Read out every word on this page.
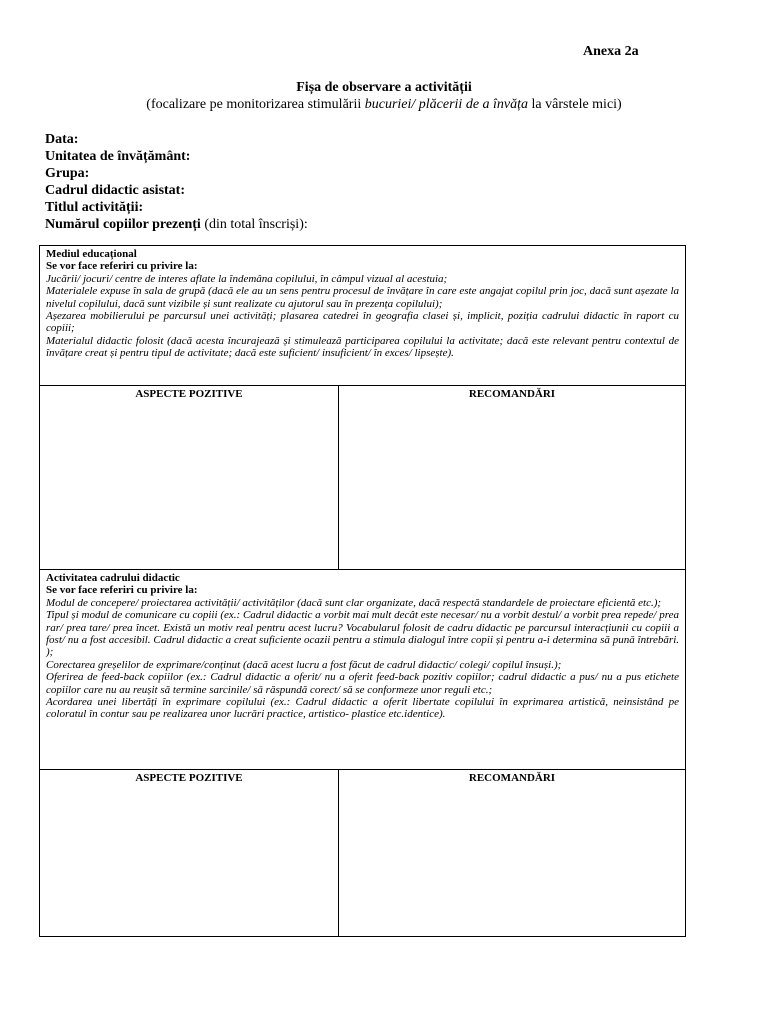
Anexa 2a
Fișa de observare a activității
(focalizare pe monitorizarea stimulării bucuriei/ plăcerii de a învăța la vârstele mici)
Data:
Unitatea de învățământ:
Grupa:
Cadrul didactic asistat:
Titlul activității:
Numărul copiilor prezenți (din total înscriși):
Mediul educațional
Se vor face referiri cu privire la:
Jucării/ jocuri/ centre de interes aflate la îndemâna copilului, în câmpul vizual al acestuia;
Materialele expuse în sala de grupă (dacă ele au un sens pentru procesul de învățare în care este angajat copilul prin joc, dacă sunt așezate la nivelul copilului, dacă sunt vizibile și sunt realizate cu ajutorul sau în prezența copilului);
Așezarea mobilierului pe parcursul unei activități; plasarea catedrei în geografia clasei și, implicit, poziția cadrului didactic în raport cu copiii;
Materialul didactic folosit (dacă acesta încurajează și stimulează participarea copilului la activitate; dacă este relevant pentru contextul de învățare creat și pentru tipul de activitate; dacă este suficient/ insuficient/ în exces/ lipsește).
ASPECTE POZITIVE	RECOMANDĂRI
Activitatea cadrului didactic
Se vor face referiri cu privire la:
Modul de concepere/ proiectarea activității/ activităților (dacă sunt clar organizate, dacă respectă standardele de proiectare eficientă etc.);
Tipul și modul de comunicare cu copiii (ex.: Cadrul didactic a vorbit mai mult decât este necesar/ nu a vorbit destul/ a vorbit prea repede/ prea rar/ prea tare/ prea încet. Există un motiv real pentru acest lucru? Vocabularul folosit de cadru didactic pe parcursul interacțiunii cu copiii a fost/ nu a fost accesibil. Cadrul didactic a creat suficiente ocazii pentru a stimula dialogul între copii și pentru a-i determina să pună întrebări. );
Corectarea greșelilor de exprimare/conținut (dacă acest lucru a fost făcut de cadrul didactic/ colegi/ copilul însuși.);
Oferirea de feed-back copiilor (ex.: Cadrul didactic a oferit/ nu a oferit feed-back pozitiv copiilor; cadrul didactic a pus/ nu a pus etichete copiilor care nu au reușit să termine sarcinile/ să răspundă corect/ să se conformeze unor reguli etc.;
Acordarea unei libertăți în exprimare copilului (ex.: Cadrul didactic a oferit libertate copilului în exprimarea artistică, neinsistând pe coloratul în contur sau pe realizarea unor lucrări practice, artistico- plastice etc.identice).
ASPECTE POZITIVE	RECOMANDĂRI
